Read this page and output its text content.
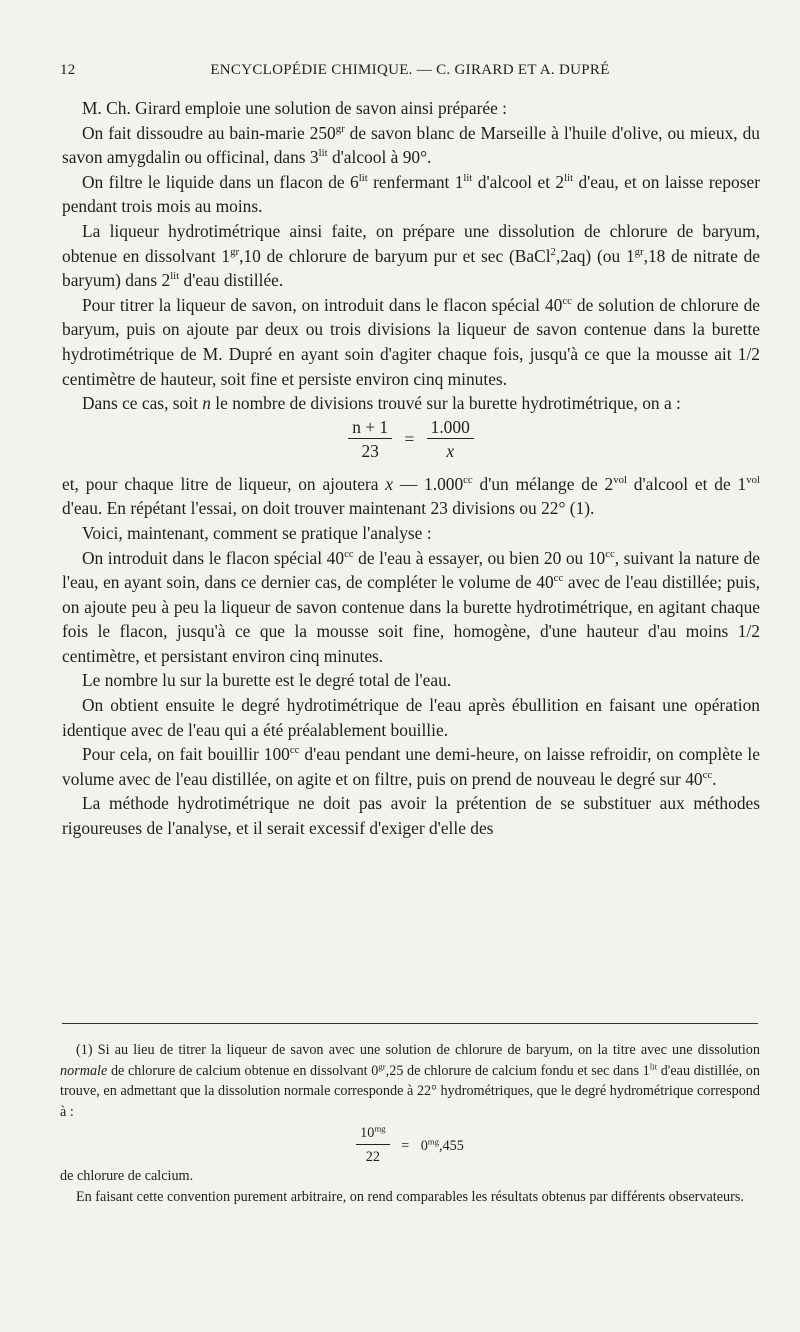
12	ENCYCLOPÉDIE CHIMIQUE. — C. GIRARD ET A. DUPRÉ

M. Ch. Girard emploie une solution de savon ainsi préparée :

On fait dissoudre au bain-marie $250^{gr}$ de savon blanc de Marseille à l'huile d'olive, ou mieux, du savon amygdalin ou officinal, dans $3^{lit}$ d'alcool à 90°.

On filtre le liquide dans un flacon de $6^{lit}$ renfermant $1^{lit}$ d'alcool et $2^{lit}$ d'eau, et on laisse reposer pendant trois mois au moins.

La liqueur hydrotimétrique ainsi faite, on prépare une dissolution de chlorure de baryum, obtenue en dissolvant $1^{gr},10$ de chlorure de baryum pur et sec (BaCl$^2$,2aq) (ou $1^{gr},18$ de nitrate de baryum) dans $2^{lit}$ d'eau distillée.

Pour titrer la liqueur de savon, on introduit dans le flacon spécial $40^{cc}$ de solution de chlorure de baryum, puis on ajoute par deux ou trois divisions la liqueur de savon contenue dans la burette hydrotimétrique de M. Dupré en ayant soin d'agiter chaque fois, jusqu'à ce que la mousse ait 1/2 centimètre de hauteur, soit fine et persiste environ cinq minutes.

Dans ce cas, soit n le nombre de divisions trouvé sur la burette hydrotimétrique, on a :

$\frac{n + 1}{23} = \frac{1.000}{x}$

et, pour chaque litre de liqueur, on ajoutera x — 1.000$^{cc}$ d'un mélange de $2^{vol}$ d'alcool et de $1^{vol}$ d'eau. En répétant l'essai, on doit trouver maintenant 23 divisions ou 22° (1).

Voici, maintenant, comment se pratique l'analyse :

On introduit dans le flacon spécial $40^{cc}$ de l'eau à essayer, ou bien 20 ou $10^{cc}$, suivant la nature de l'eau, en ayant soin, dans ce dernier cas, de compléter le volume de $40^{cc}$ avec de l'eau distillée; puis, on ajoute peu à peu la liqueur de savon contenue dans la burette hydrotimétrique, en agitant chaque fois le flacon, jusqu'à ce que la mousse soit fine, homogène, d'une hauteur d'au moins 1/2 centimètre, et persistant environ cinq minutes.

Le nombre lu sur la burette est le degré total de l'eau.

On obtient ensuite le degré hydrotimétrique de l'eau après ébullition en faisant une opération identique avec de l'eau qui a été préalablement bouillie.

Pour cela, on fait bouillir $100^{cc}$ d'eau pendant une demi-heure, on laisse refroidir, on complète le volume avec de l'eau distillée, on agite et on filtre, puis on prend de nouveau le degré sur $40^{cc}$.

La méthode hydrotimétrique ne doit pas avoir la prétention de se substituer aux méthodes rigoureuses de l'analyse, et il serait excessif d'exiger d'elle des

(1) Si au lieu de titrer la liqueur de savon avec une solution de chlorure de baryum, on la titre avec une dissolution normale de chlorure de calcium obtenue en dissolvant $0^{gr},25$ de chlorure de calcium fondu et sec dans $1^{lit}$ d'eau distillée, on trouve, en admettant que la dissolution normale corresponde à 22° hydrométriques, que le degré hydrométrique correspond à :

$\frac{10^{mg}}{22} = 0^{mg},455$

de chlorure de calcium.

En faisant cette convention purement arbitraire, on rend comparables les résultats obtenus par différents observateurs.
